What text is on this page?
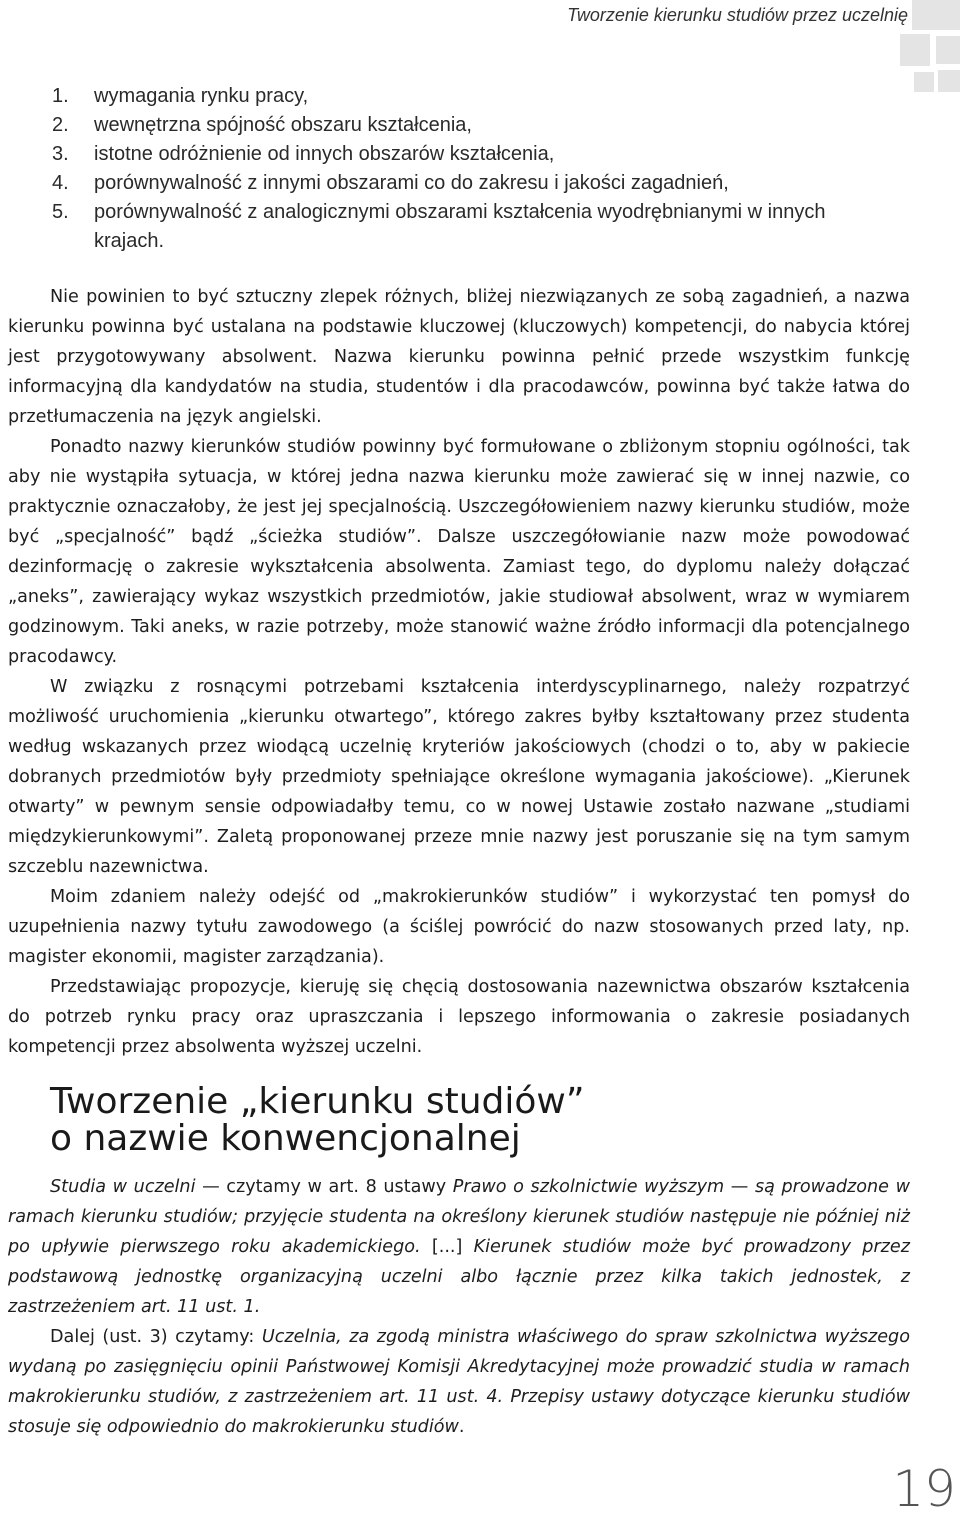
Tworzenie kierunku studiów przez uczelnię
1. wymagania rynku pracy,
2. wewnętrzna spójność obszaru kształcenia,
3. istotne odróżnienie od innych obszarów kształcenia,
4. porównywalność z innymi obszarami co do zakresu i jakości zagadnień,
5. porównywalność z analogicznymi obszarami kształcenia wyodrębnianymi w innych krajach.

Nie powinien to być sztuczny zlepek różnych, bliżej niezwiązanych ze sobą zagadnień, a nazwa kierunku powinna być ustalana na podstawie kluczowej (kluczowych) kompetencji, do nabycia której jest przygotowywany absolwent. Nazwa kierunku powinna pełnić przede wszystkim funkcję informacyjną dla kandydatów na studia, studentów i dla pracodawców, powinna być także łatwa do przetłumaczenia na język angielski.

Ponadto nazwy kierunków studiów powinny być formułowane o zbliżonym stopniu ogólności, tak aby nie wystąpiła sytuacja, w której jedna nazwa kierunku może zawierać się w innej nazwie, co praktycznie oznaczałoby, że jest jej specjalnością. Uszczegółowieniem nazwy kierunku studiów, może być „specjalność” bądź „ścieżka studiów”. Dalsze uszczegółowianie nazw może powodować dezinformację o zakresie wykształcenia absolwenta. Zamiast tego, do dyplomu należy dołączać „aneks”, zawierający wykaz wszystkich przedmiotów, jakie studiował absolwent, wraz w wymiarem godzinowym. Taki aneks, w razie potrzeby, może stanowić ważne źródło informacji dla potencjalnego pracodawcy.

W związku z rosnącymi potrzebami kształcenia interdyscyplinarnego, należy rozpatrzyć możliwość uruchomienia „kierunku otwartego”, którego zakres byłby kształtowany przez studenta według wskazanych przez wiodącą uczelnię kryteriów jakościowych (chodzi o to, aby w pakiecie dobranych przedmiotów były przedmioty spełniające określone wymagania jakościowe). „Kierunek otwarty” w pewnym sensie odpowiadałby temu, co w nowej Ustawie zostało nazwane „studiami międzykierunkowymi”. Zaletą proponowanej przeze mnie nazwy jest poruszanie się na tym samym szczeblu nazewnictwa.

Moim zdaniem należy odejść od „makrokierunków studiów” i wykorzystać ten pomysł do uzupełnienia nazwy tytułu zawodowego (a ściślej powrócić do nazw stosowanych przed laty, np. magister ekonomii, magister zarządzania).

Przedstawiając propozycje, kieruję się chęcią dostosowania nazewnictwa obszarów kształcenia do potrzeb rynku pracy oraz upraszczania i lepszego informowania o zakresie posiadanych kompetencji przez absolwenta wyższej uczelni.

Tworzenie „kierunku studiów”
o nazwie konwencjonalnej

Studia w uczelni — czytamy w art. 8 ustawy Prawo o szkolnictwie wyższym — są prowadzone w ramach kierunku studiów; przyjęcie studenta na określony kierunek studiów następuje nie później niż po upływie pierwszego roku akademickiego. [...] Kierunek studiów może być prowadzony przez podstawową jednostkę organizacyjną uczelni albo łącznie przez kilka takich jednostek, z zastrzeżeniem art. 11 ust. 1.

Dalej (ust. 3) czytamy: Uczelnia, za zgodą ministra właściwego do spraw szkolnictwa wyższego wydaną po zasięgnięciu opinii Państwowej Komisji Akredytacyjnej może prowadzić studia w ramach makrokierunku studiów, z zastrzeżeniem art. 11 ust. 4. Przepisy ustawy dotyczące kierunku studiów stosuje się odpowiednio do makrokierunku studiów.

19
